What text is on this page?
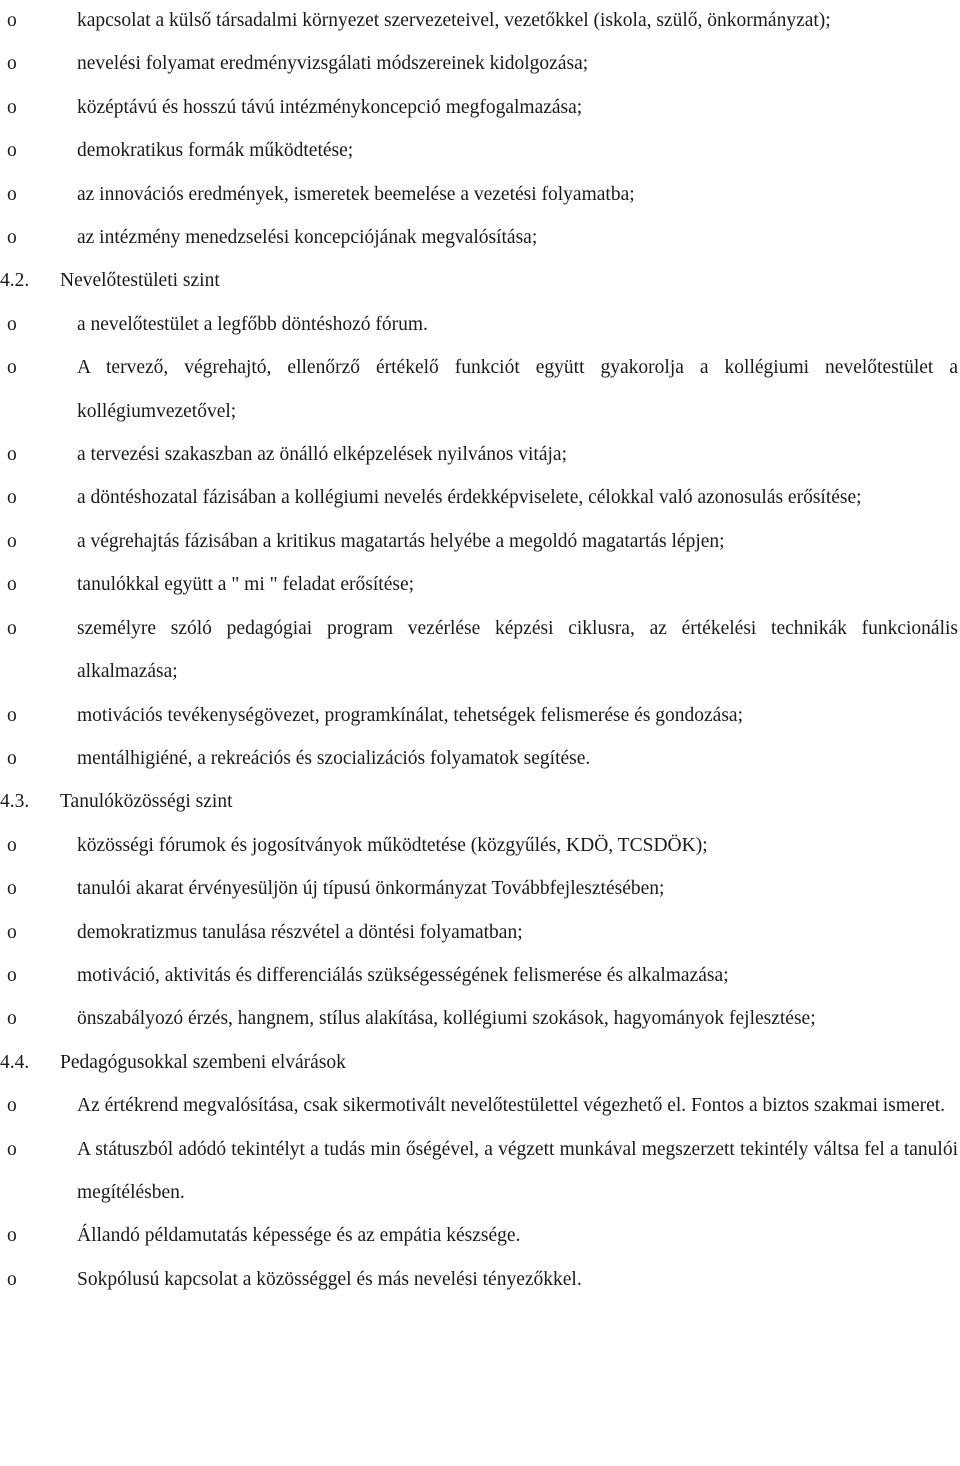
o	kapcsolat a külső társadalmi környezet szervezeteivel, vezetőkkel (iskola, szülő, önkormányzat);
o	nevelési folyamat eredményvizsgálati módszereinek kidolgozása;
o	középtávú és hosszú távú intézménykoncepció megfogalmazása;
o	demokratikus formák működtetése;
o	az innovációs eredmények, ismeretek beemelése a vezetési folyamatba;
o	az intézmény menedzselési koncepciójának megvalósítása;
4.2. Nevelőtestületi szint
o	a nevelőtestület a legfőbb döntéshozó fórum.
o	A tervező, végrehajtó, ellenőrző értékelő funkciót együtt gyakorolja a kollégiumi nevelőtestület a kollégiumvezetővel;
o	a tervezési szakaszban az önálló elképzelések nyilvános vitája;
o	a döntéshozatal fázisában a kollégiumi nevelés érdekképviselete, célokkal való azonosulás erősítése;
o	a végrehajtás fázisában a kritikus magatartás helyébe a megoldó magatartás lépjen;
o	tanulókkal együtt a " mi " feladat erősítése;
o	személyre szóló pedagógiai program vezérlése képzési ciklusra, az értékelési technikák funkcionális alkalmazása;
o	motivációs tevékenységövezet, programkínálat, tehetségek felismerése és gondozása;
o	mentálhigiéné, a rekreációs és szocializációs folyamatok segítése.
4.3. Tanulóközösségi szint
o	közösségi fórumok és jogosítványok működtetése (közgyűlés, KDÖ, TCSDÖK);
o	tanulói akarat érvényesüljön új típusú önkormányzat Továbbfejlesztésében;
o	demokratizmus tanulása részvétel a döntési folyamatban;
o	motiváció, aktivitás és differenciálás szükségességének felismerése és alkalmazása;
o	önszabályozó érzés, hangnem, stílus alakítása, kollégiumi szokások, hagyományok fejlesztése;
4.4. Pedagógusokkal szembeni elvárások
o	Az értékrend megvalósítása, csak sikermotivált nevelőtestülettel végezhető el. Fontos a biztos szakmai ismeret.
o	A státuszból adódó tekintélyt a tudás min őségével, a végzett munkával megszerzett tekintély váltsa fel a tanulói megítélésben.
o	Állandó példamutatás képessége és az empátia készsége.
o	Sokpólusú kapcsolat a közösséggel és más nevelési tényezőkkel.
